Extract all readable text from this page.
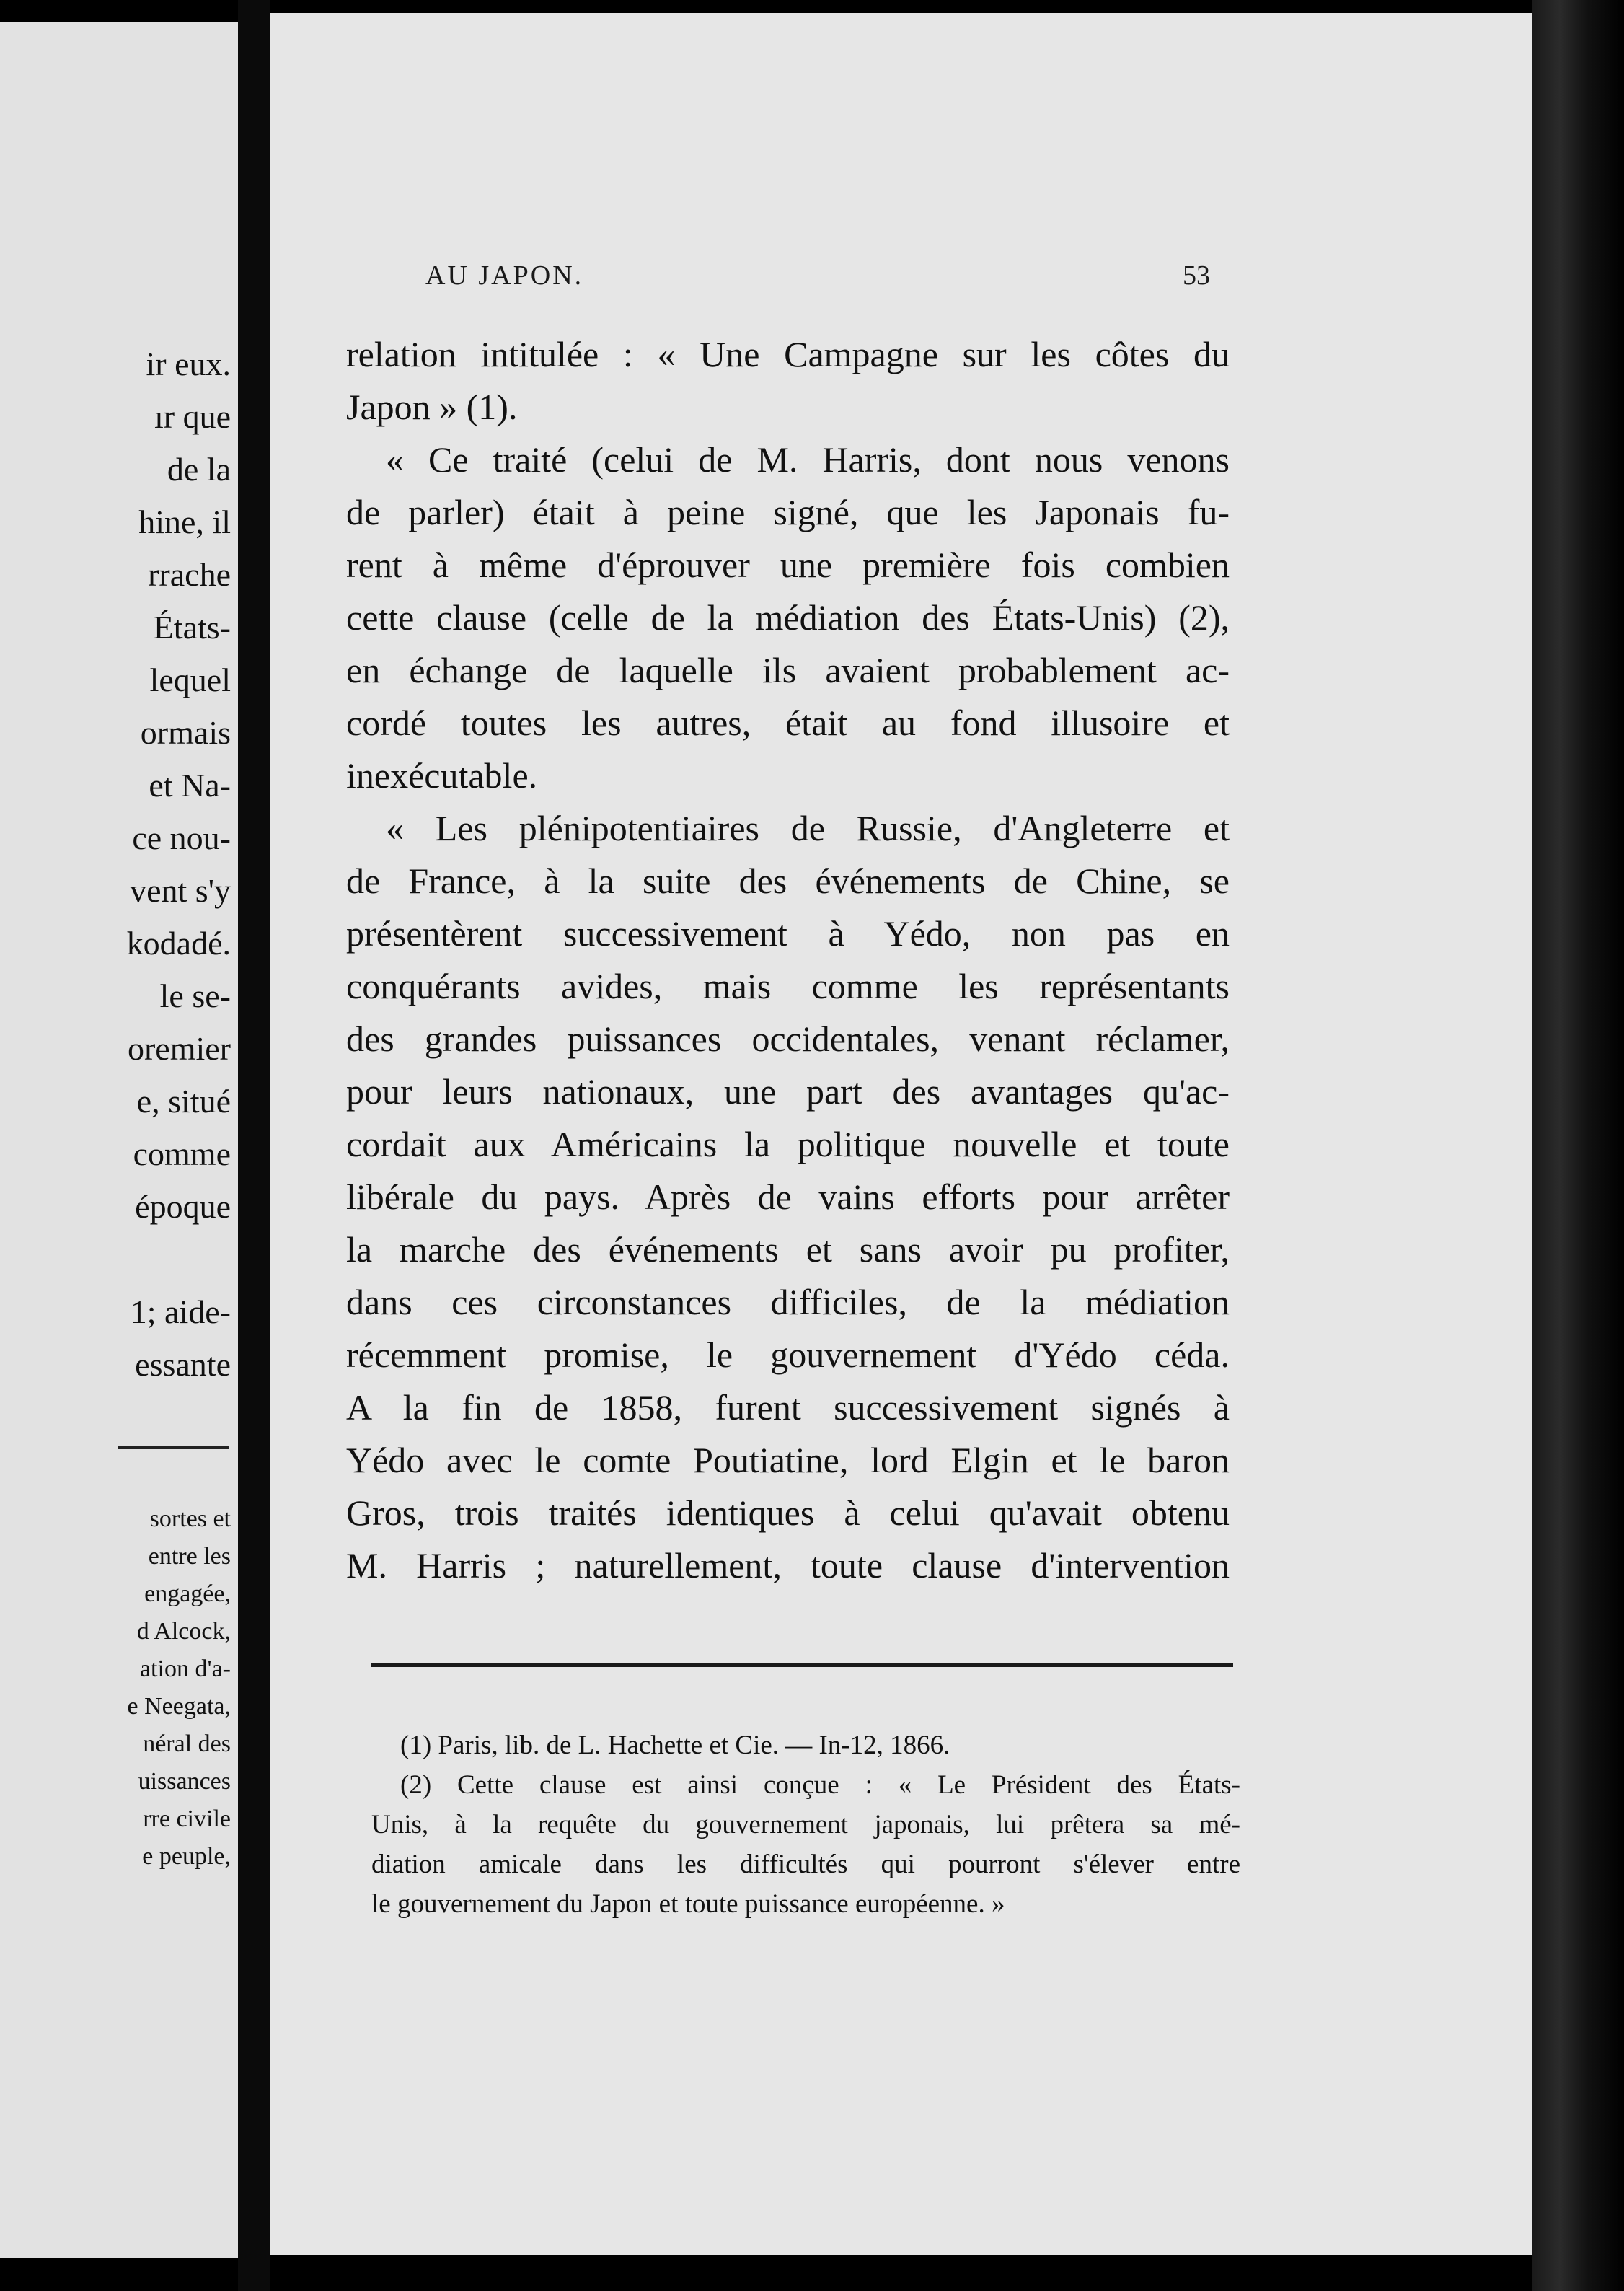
ir eux.
ır que
de la
hine, il
rrache
États-
lequel
ormais
et Na-
ce nou-
vent s'y
kodadé.
le se-
oremier
e, situé
comme
époque
1; aide-
essante
sortes et
entre les
engagée,
d Alcock,
ation d'a-
e Neegata,
néral des
uissances
rre civile
e peuple,
AU JAPON.	53
relation intitulée : « Une Campagne sur les côtes du
Japon » (1).
« Ce traité (celui de M. Harris, dont nous venons
de parler) était à peine signé, que les Japonais fu-
rent à même d'éprouver une première fois combien
cette clause (celle de la médiation des États-Unis) (2),
en échange de laquelle ils avaient probablement ac-
cordé toutes les autres, était au fond illusoire et
inexécutable.
« Les plénipotentiaires de Russie, d'Angleterre et
de France, à la suite des événements de Chine, se
présentèrent successivement à Yédo, non pas en
conquérants avides, mais comme les représentants
des grandes puissances occidentales, venant réclamer,
pour leurs nationaux, une part des avantages qu'ac-
cordait aux Américains la politique nouvelle et toute
libérale du pays. Après de vains efforts pour arrêter
la marche des événements et sans avoir pu profiter,
dans ces circonstances difficiles, de la médiation
récemment promise, le gouvernement d'Yédo céda.
A la fin de 1858, furent successivement signés à
Yédo avec le comte Poutiatine, lord Elgin et le baron
Gros, trois traités identiques à celui qu'avait obtenu
M. Harris ; naturellement, toute clause d'intervention
(1) Paris, lib. de L. Hachette et Cie. — In-12, 1866.
(2) Cette clause est ainsi conçue : « Le Président des États-
Unis, à la requête du gouvernement japonais, lui prêtera sa mé-
diation amicale dans les difficultés qui pourront s'élever entre
le gouvernement du Japon et toute puissance européenne. »
